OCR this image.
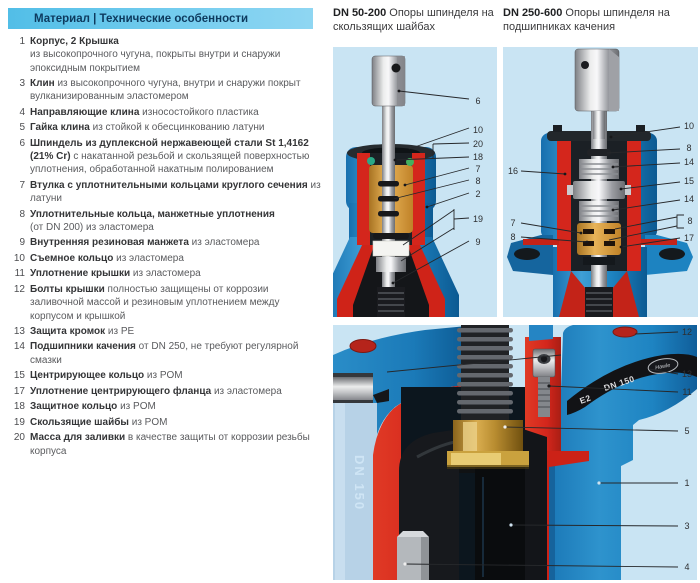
Материал | Технические особенности
1 Корпус, 2 Крышка
из высокопрочного чугуна, покрыты внутри и снаружи эпоксидным покрытием
3 Клин из высокопрочного чугуна, внутри и снаружи покрыт вулканизированным эластомером
4 Направляющие клина износостойкого пластика
5 Гайка клина из стойкой к обесцинкованию латуни
6 Шпиндель из дуплексной нержавеющей стали St 1,4162 (21% Cr) с накатанной резьбой и скользящей поверхностью уплотнения, обработанной накатным полированием
7 Втулка с уплотнительными кольцами круглого сечения из латуни
8 Уплотнительные кольца, манжетные уплотнения
(от DN 200) из эластомера
9 Внутренняя резиновая манжета из эластомера
10 Съемное кольцо из эластомера
11 Уплотнение крышки из эластомера
12 Болты крышки полностью защищены от коррозии заливочной массой и резиновым уплотнением между корпусом и крышкой
13 Защита кромок из PE
14 Подшипники качения от DN 250, не требуют регулярной смазки
15 Центрирующее кольцо из POM
17 Уплотнение центрирующего фланца из эластомера
18 Защитное кольцо из POM
19 Скользящие шайбы из POM
20 Масса для заливки в качестве защиты от коррозии резьбы корпуса
DN 50-200 Опоры шпинделя на скользящих шайбах
DN 250-600 Опоры шпинделя на подшипниках качения
6
10
20
18
7
8
2
19
9
16
7
8
10
8
14
15
14
8
17
E2
DN 150
Hawle
DN 150
12
13
11
5
1
3
4
